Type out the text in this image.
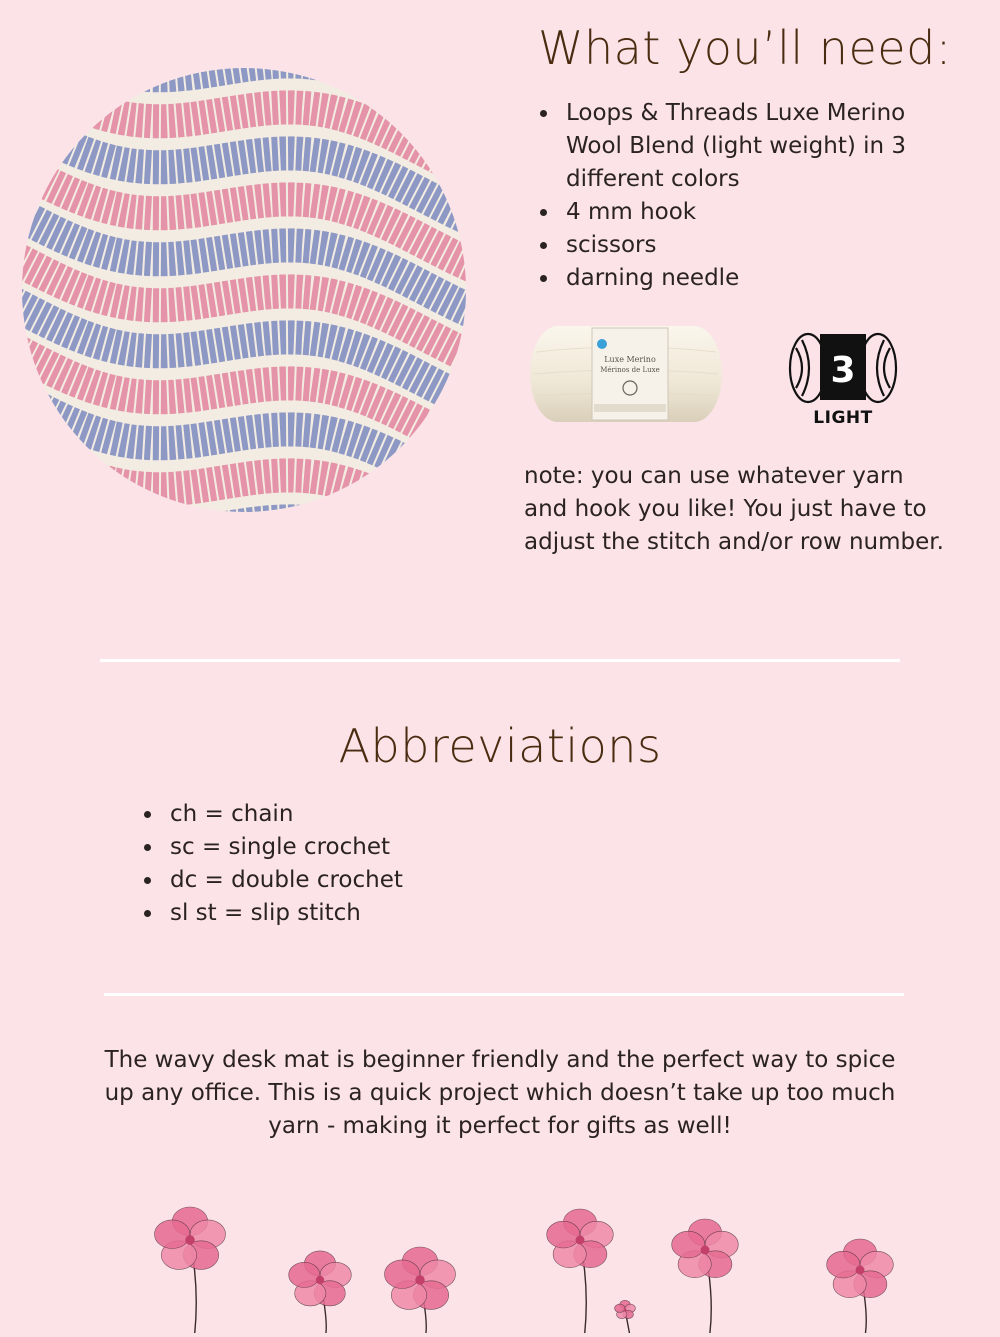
What you’ll need:
Loops & Threads Luxe Merino Wool Blend (light weight) in 3 different colors
4 mm hook
scissors
darning needle
Luxe Merino
Mérinos de Luxe	3
LIGHT

note: you can use whatever yarn and hook you like! You just have to adjust the stitch and/or row number.

Abbreviations
ch = chain
sc = single crochet
dc = double crochet
sl st = slip stitch

The wavy desk mat is beginner friendly and the perfect way to spice up any office. This is a quick project which doesn’t take up too much yarn - making it perfect for gifts as well!
